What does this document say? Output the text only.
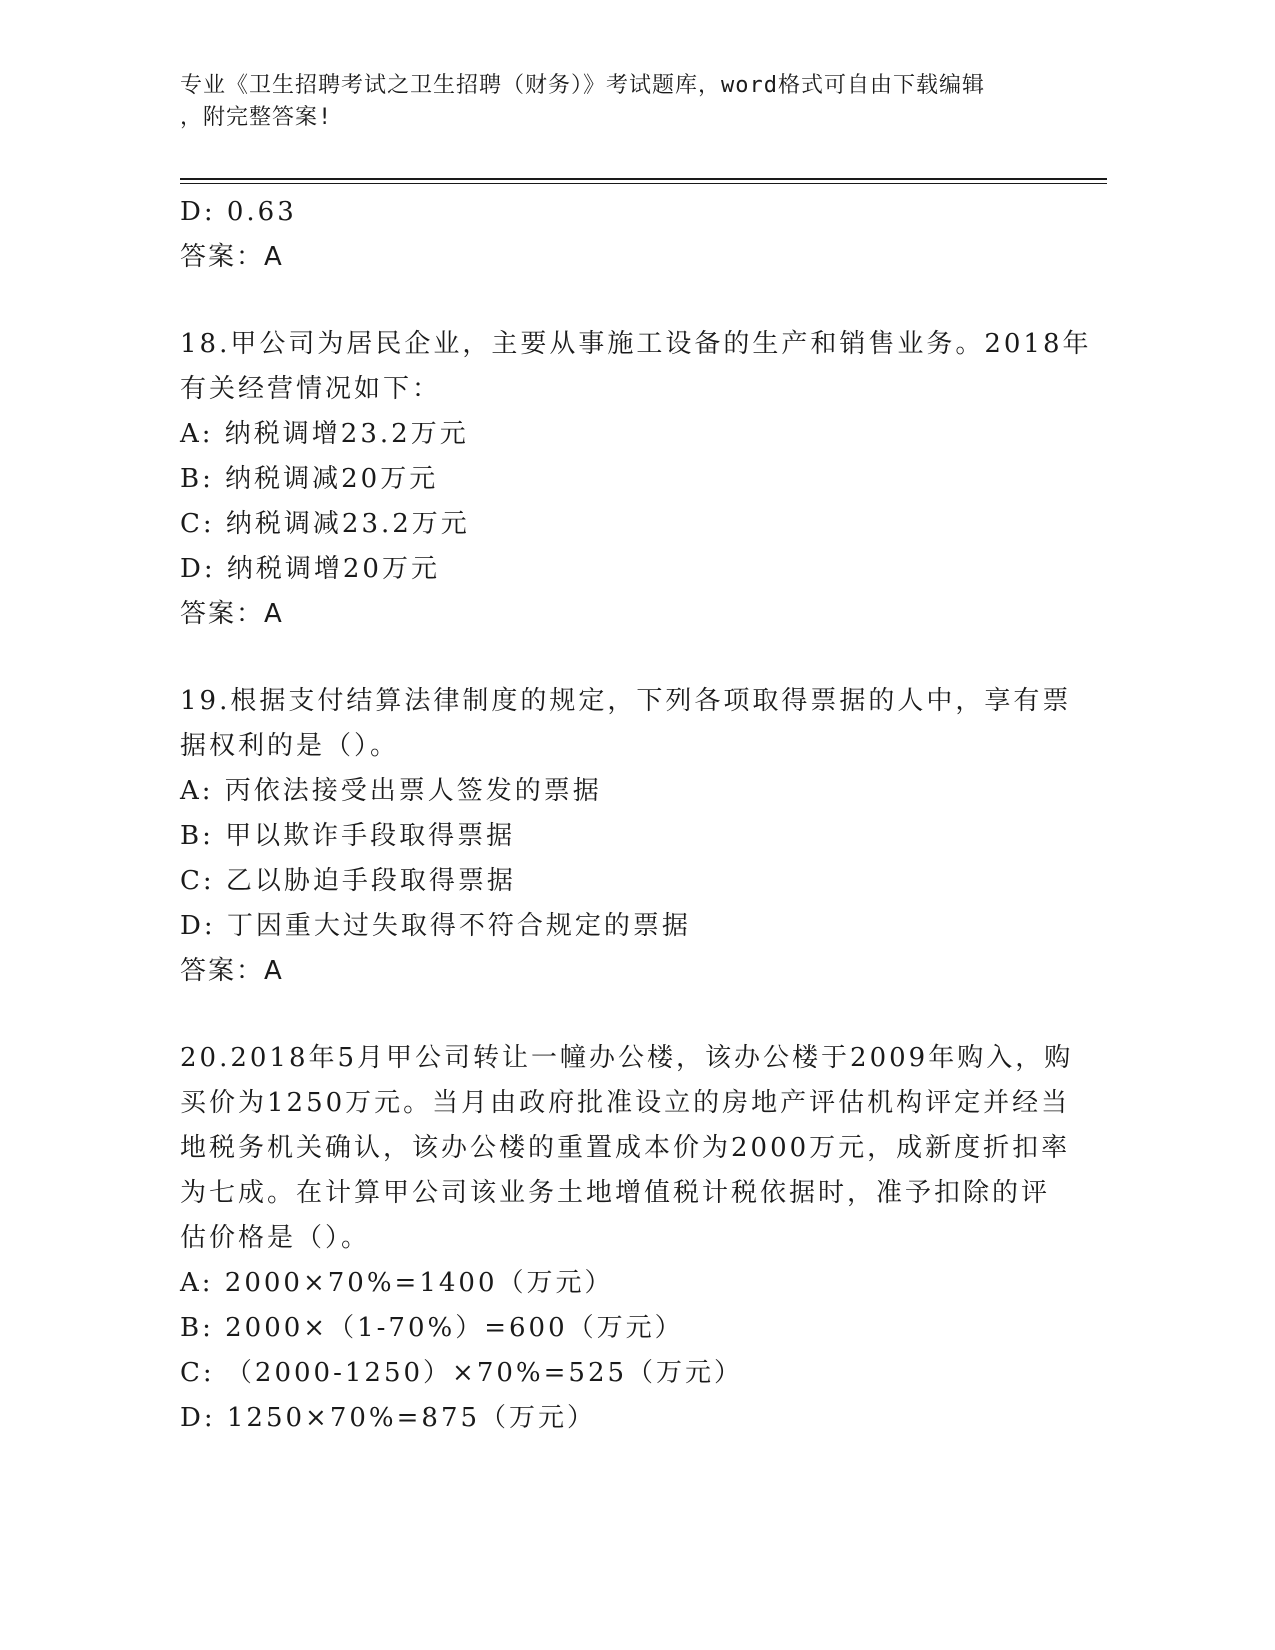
专业《卫生招聘考试之卫生招聘（财务）》考试题库，word格式可自由下载编辑
，附完整答案!
D: 0.63
答案：A
18.甲公司为居民企业，主要从事施工设备的生产和销售业务。2018年
有关经营情况如下：
A: 纳税调增23.2万元
B: 纳税调减20万元
C: 纳税调减23.2万元
D: 纳税调增20万元
答案：A
19.根据支付结算法律制度的规定，下列各项取得票据的人中，享有票
据权利的是（）。
A: 丙依法接受出票人签发的票据
B: 甲以欺诈手段取得票据
C: 乙以胁迫手段取得票据
D: 丁因重大过失取得不符合规定的票据
答案：A
20.2018年5月甲公司转让一幢办公楼，该办公楼于2009年购入，购
买价为1250万元。当月由政府批准设立的房地产评估机构评定并经当
地税务机关确认，该办公楼的重置成本价为2000万元，成新度折扣率
为七成。在计算甲公司该业务土地增值税计税依据时，准予扣除的评
估价格是（）。
A: 2000×70%=1400（万元）
B: 2000×（1-70%）=600（万元）
C: （2000-1250）×70%=525（万元）
D: 1250×70%=875（万元）
